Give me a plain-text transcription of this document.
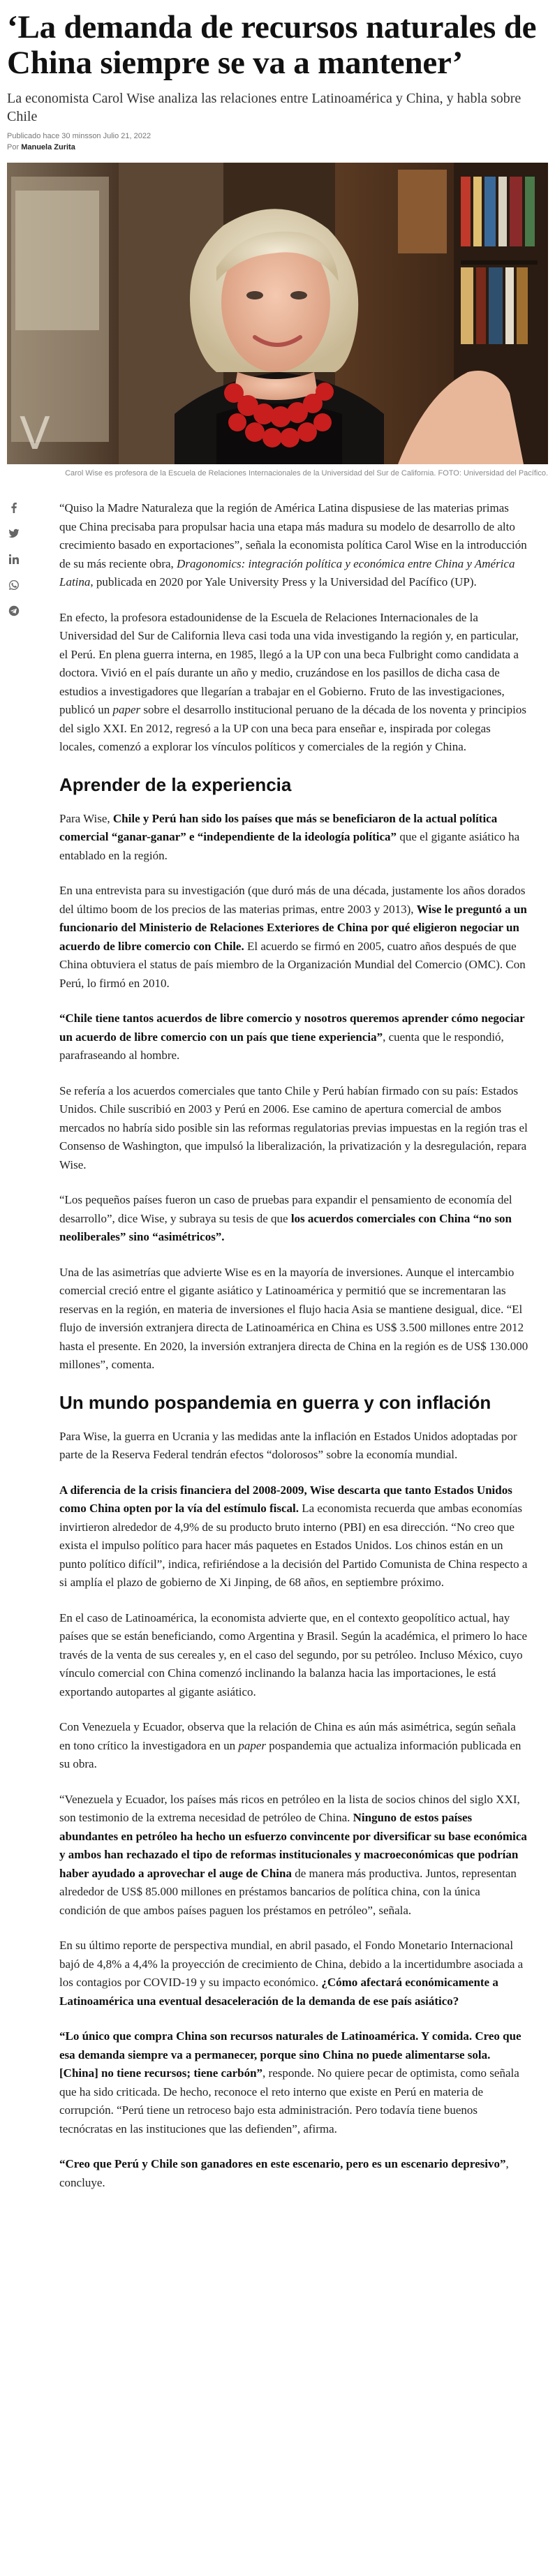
‘La demanda de recursos naturales de China siempre se va a mantener’
La economista Carol Wise analiza las relaciones entre Latinoamérica y China, y habla sobre Chile
Publicado hace 30 minsson Julio 21, 2022
Por Manuela Zurita
V
Carol Wise es profesora de la Escuela de Relaciones Internacionales de la Universidad del Sur de California. FOTO: Universidad del Pacífico.

“Quiso la Madre Naturaleza que la región de América Latina dispusiese de las materias primas que China precisaba para propulsar hacia una etapa más madura su modelo de desarrollo de alto crecimiento basado en exportaciones”, señala la economista política Carol Wise en la introducción de su más reciente obra, Dragonomics: integración política y económica entre China y América Latina, publicada en 2020 por Yale University Press y la Universidad del Pacífico (UP).

En efecto, la profesora estadounidense de la Escuela de Relaciones Internacionales de la Universidad del Sur de California lleva casi toda una vida investigando la región y, en particular, el Perú. En plena guerra interna, en 1985, llegó a la UP con una beca Fulbright como candidata a doctora. Vivió en el país durante un año y medio, cruzándose en los pasillos de dicha casa de estudios a investigadores que llegarían a trabajar en el Gobierno. Fruto de las investigaciones, publicó un paper sobre el desarrollo institucional peruano de la década de los noventa y principios del siglo XXI. En 2012, regresó a la UP con una beca para enseñar e, inspirada por colegas locales, comenzó a explorar los vínculos políticos y comerciales de la región y China.

Aprender de la experiencia

Para Wise, Chile y Perú han sido los países que más se beneficiaron de la actual política comercial “ganar-ganar” e “independiente de la ideología política” que el gigante asiático ha entablado en la región.

En una entrevista para su investigación (que duró más de una década, justamente los años dorados del último boom de los precios de las materias primas, entre 2003 y 2013), Wise le preguntó a un funcionario del Ministerio de Relaciones Exteriores de China por qué eligieron negociar un acuerdo de libre comercio con Chile. El acuerdo se firmó en 2005, cuatro años después de que China obtuviera el status de país miembro de la Organización Mundial del Comercio (OMC). Con Perú, lo firmó en 2010.

“Chile tiene tantos acuerdos de libre comercio y nosotros queremos aprender cómo negociar un acuerdo de libre comercio con un país que tiene experiencia”, cuenta que le respondió, parafraseando al hombre.

Se refería a los acuerdos comerciales que tanto Chile y Perú habían firmado con su país: Estados Unidos. Chile suscribió en 2003 y Perú en 2006. Ese camino de apertura comercial de ambos mercados no habría sido posible sin las reformas regulatorias previas impuestas en la región tras el Consenso de Washington, que impulsó la liberalización, la privatización y la desregulación, repara Wise.

“Los pequeños países fueron un caso de pruebas para expandir el pensamiento de economía del desarrollo”, dice Wise, y subraya su tesis de que los acuerdos comerciales con China “no son neoliberales” sino “asimétricos”.

Una de las asimetrías que advierte Wise es en la mayoría de inversiones. Aunque el intercambio comercial creció entre el gigante asiático y Latinoamérica y permitió que se incrementaran las reservas en la región, en materia de inversiones el flujo hacia Asia se mantiene desigual, dice. “El flujo de inversión extranjera directa de Latinoamérica en China es US$ 3.500 millones entre 2012 hasta el presente. En 2020, la inversión extranjera directa de China en la región es de US$ 130.000 millones”, comenta.

Un mundo pospandemia en guerra y con inflación

Para Wise, la guerra en Ucrania y las medidas ante la inflación en Estados Unidos adoptadas por parte de la Reserva Federal tendrán efectos “dolorosos” sobre la economía mundial.

A diferencia de la crisis financiera del 2008-2009, Wise descarta que tanto Estados Unidos como China opten por la vía del estímulo fiscal. La economista recuerda que ambas economías invirtieron alrededor de 4,9% de su producto bruto interno (PBI) en esa dirección. “No creo que exista el impulso político para hacer más paquetes en Estados Unidos. Los chinos están en un punto político difícil”, indica, refiriéndose a la decisión del Partido Comunista de China respecto a si amplía el plazo de gobierno de Xi Jinping, de 68 años, en septiembre próximo.

En el caso de Latinoamérica, la economista advierte que, en el contexto geopolítico actual, hay países que se están beneficiando, como Argentina y Brasil. Según la académica, el primero lo hace través de la venta de sus cereales y, en el caso del segundo, por su petróleo. Incluso México, cuyo vínculo comercial con China comenzó inclinando la balanza hacia las importaciones, le está exportando autopartes al gigante asiático.

Con Venezuela y Ecuador, observa que la relación de China es aún más asimétrica, según señala en tono crítico la investigadora en un paper pospandemia que actualiza información publicada en su obra.

“Venezuela y Ecuador, los países más ricos en petróleo en la lista de socios chinos del siglo XXI, son testimonio de la extrema necesidad de petróleo de China. Ninguno de estos países abundantes en petróleo ha hecho un esfuerzo convincente por diversificar su base económica y ambos han rechazado el tipo de reformas institucionales y macroeconómicas que podrían haber ayudado a aprovechar el auge de China de manera más productiva. Juntos, representan alrededor de US$ 85.000 millones en préstamos bancarios de política china, con la única condición de que ambos países paguen los préstamos en petróleo”, señala.

En su último reporte de perspectiva mundial, en abril pasado, el Fondo Monetario Internacional bajó de 4,8% a 4,4% la proyección de crecimiento de China, debido a la incertidumbre asociada a los contagios por COVID-19 y su impacto económico. ¿Cómo afectará económicamente a Latinoamérica una eventual desaceleración de la demanda de ese país asiático?

“Lo único que compra China son recursos naturales de Latinoamérica. Y comida. Creo que esa demanda siempre va a permanecer, porque sino China no puede alimentarse sola. [China] no tiene recursos; tiene carbón”, responde. No quiere pecar de optimista, como señala que ha sido criticada. De hecho, reconoce el reto interno que existe en Perú en materia de corrupción. “Perú tiene un retroceso bajo esta administración. Pero todavía tiene buenos tecnócratas en las instituciones que las defienden”, afirma.

“Creo que Perú y Chile son ganadores en este escenario, pero es un escenario depresivo”, concluye.
